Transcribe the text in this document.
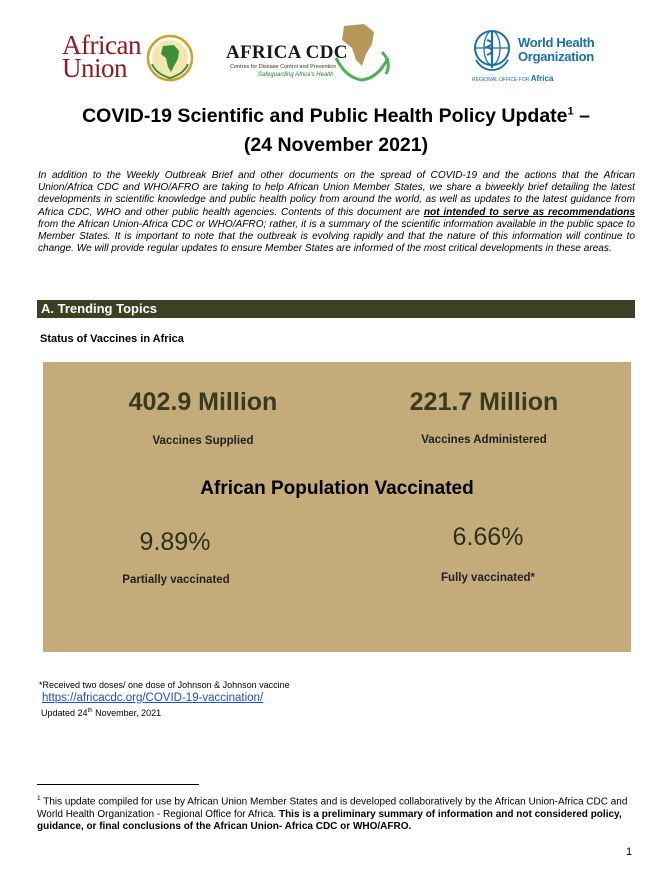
African
Union
AFRICA CDC
Centres for Disease Control and Prevention
Safeguarding Africa's Health
World Health
Organization
REGIONAL OFFICE FOR Africa
COVID-19 Scientific and Public Health Policy Update$^1$ –
(24 November 2021)

In addition to the Weekly Outbreak Brief and other documents on the spread of COVID-19 and the actions that the African Union/Africa CDC and WHO/AFRO are taking to help African Union Member States, we share a biweekly brief detailing the latest developments in scientific knowledge and public health policy from around the world, as well as updates to the latest guidance from Africa CDC, WHO and other public health agencies. Contents of this document are not intended to serve as recommendations from the African Union-Africa CDC or WHO/AFRO; rather, it is a summary of the scientific information available in the public space to Member States. It is important to note that the outbreak is evolving rapidly and that the nature of this information will continue to change. We will provide regular updates to ensure Member States are informed of the most critical developments in these areas.

A. Trending Topics
Status of Vaccines in Africa
402.9 Million
Vaccines Supplied
221.7 Million
Vaccines Administered
African Population Vaccinated
9.89%
Partially vaccinated
6.66%
Fully vaccinated*
*Received two doses/ one dose of Johnson & Johnson vaccine
https://africacdc.org/COVID-19-vaccination/
Updated 24th November, 2021

$^1$ This update compiled for use by African Union Member States and is developed collaboratively by the African Union-Africa CDC and World Health Organization - Regional Office for Africa. This is a preliminary summary of information and not considered policy, guidance, or final conclusions of the African Union- Africa CDC or WHO/AFRO.

1
